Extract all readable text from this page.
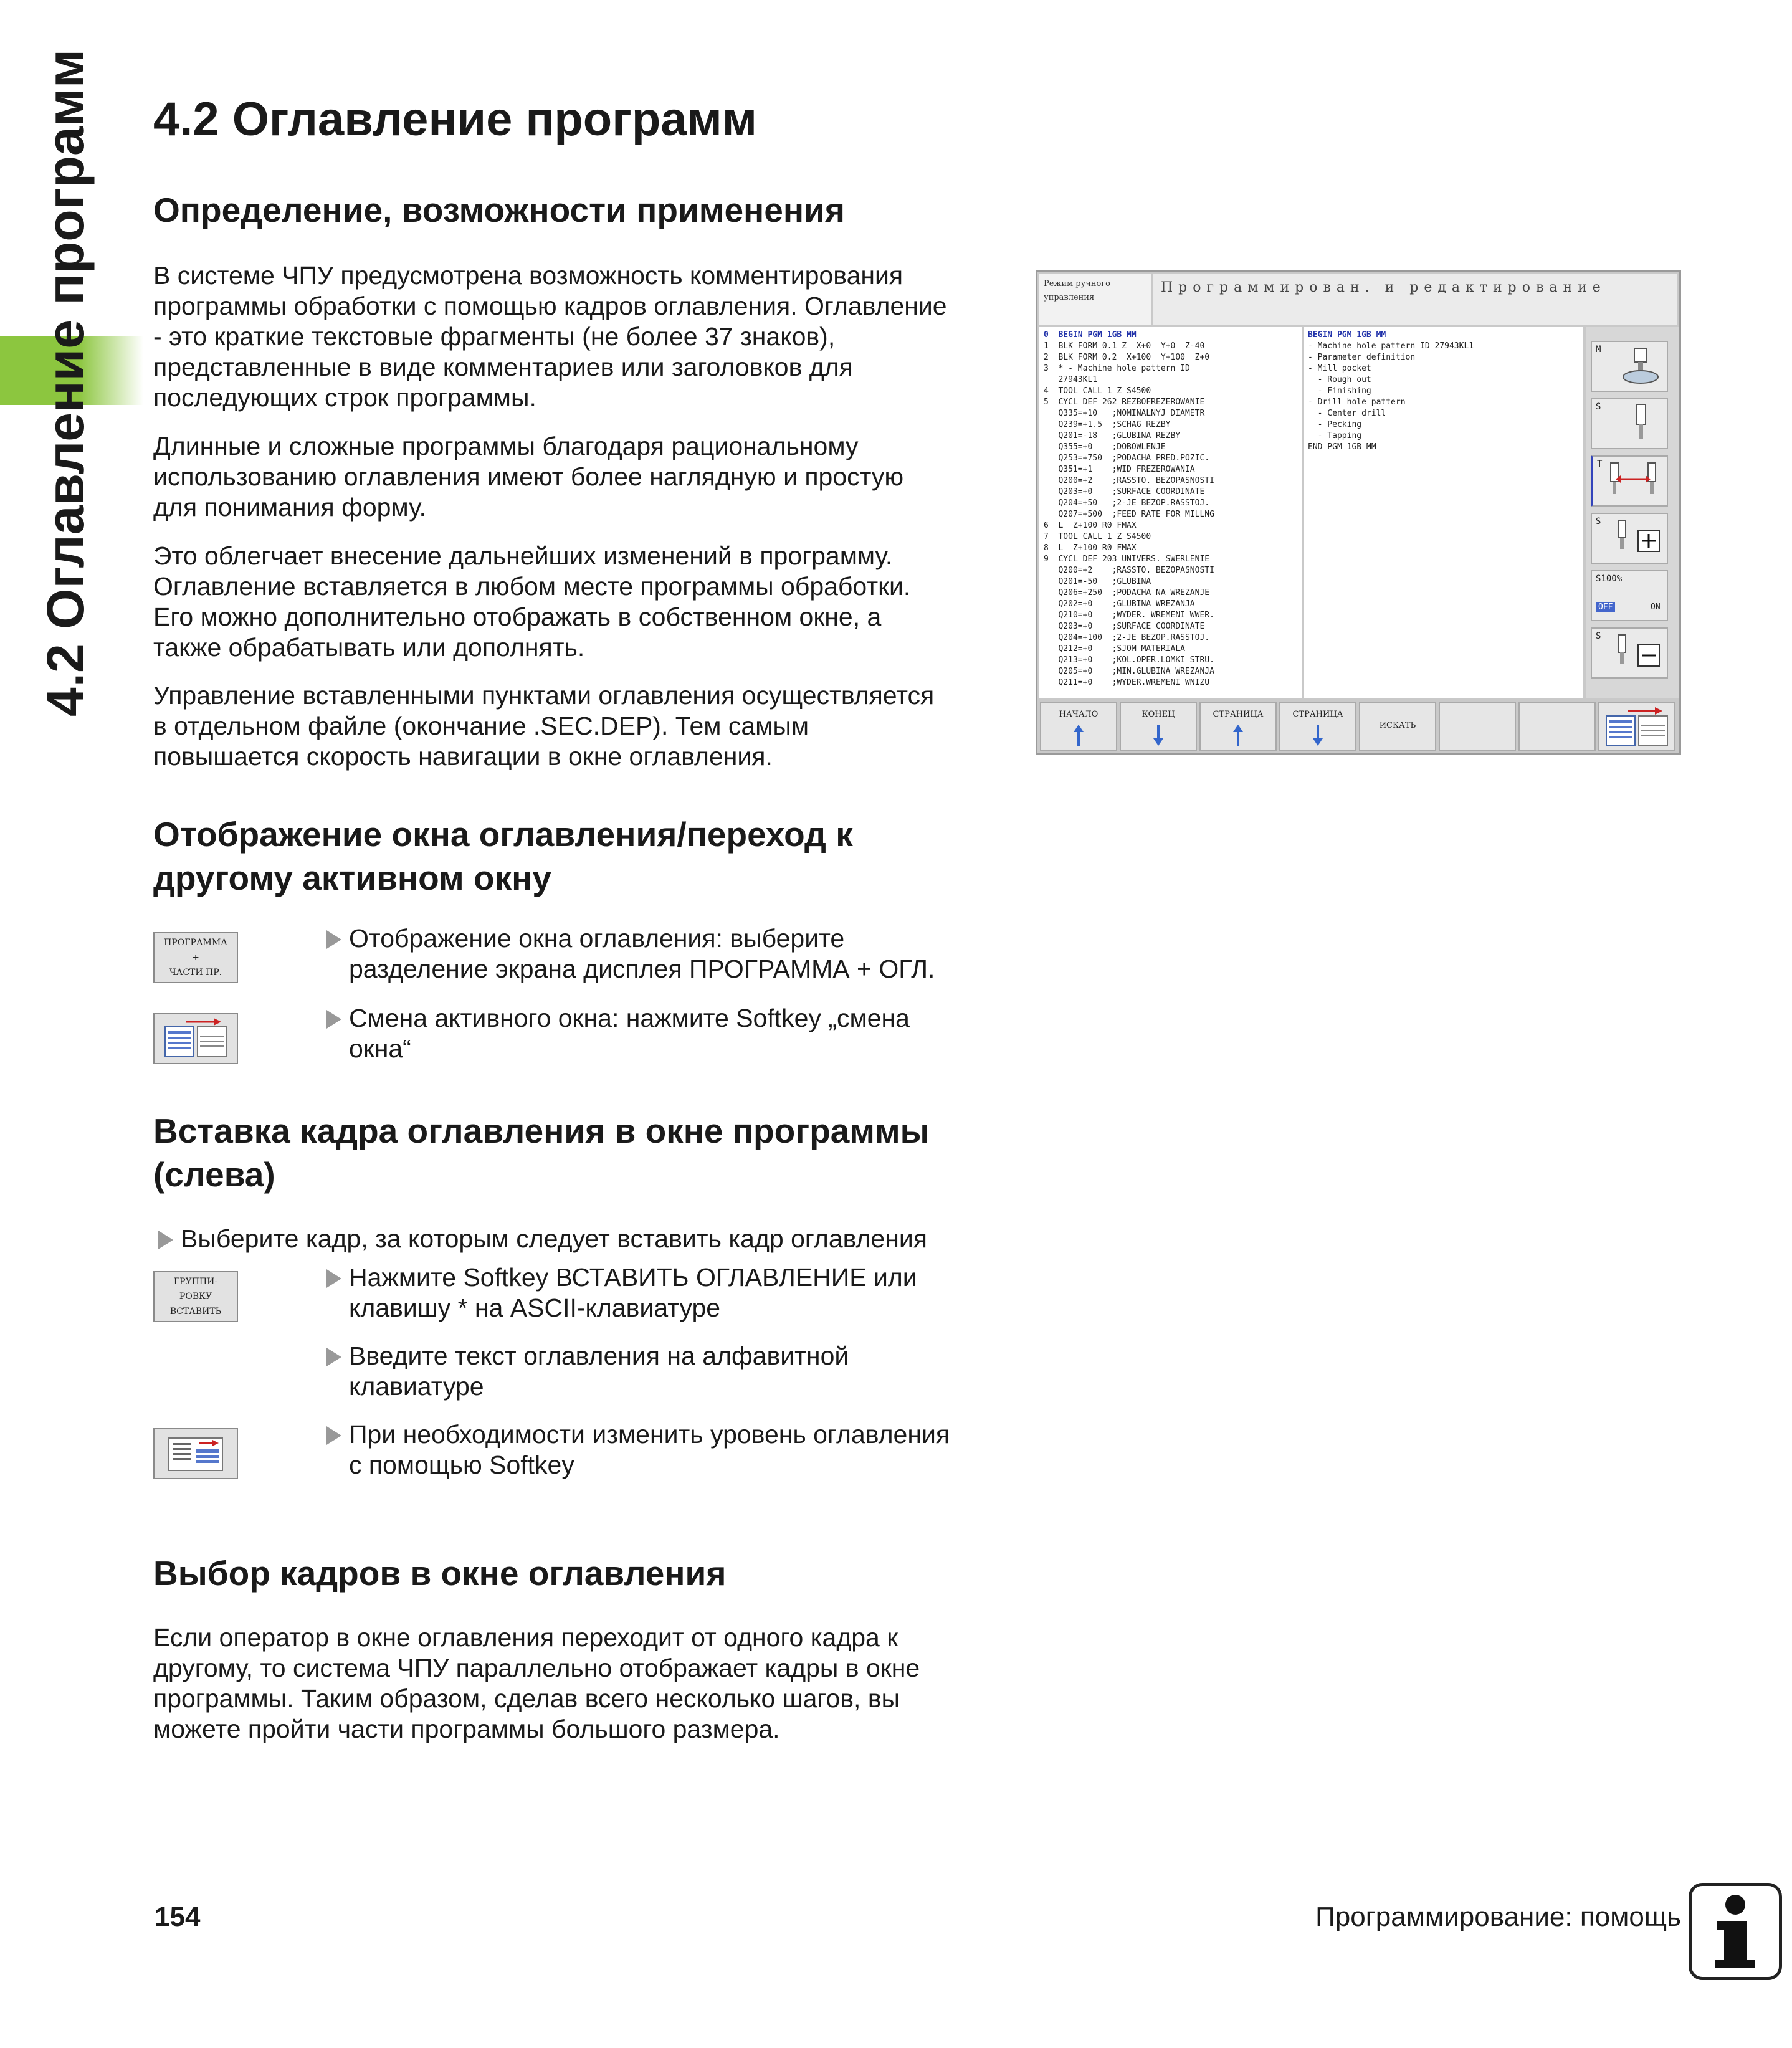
4.2 Оглавление программ	4.2 Оглавление программ
Определение, возможности применения
В системе ЧПУ предусмотрена возможность комментирования
программы обработки с помощью кадров оглавления. Оглавление
- это краткие текстовые фрагменты (не более 37 знаков),
представленные в виде комментариев или заголовков для
последующих строк программы.
Длинные и сложные программы благодаря рациональному
использованию оглавления имеют более наглядную и простую
для понимания форму.
Это облегчает внесение дальнейших изменений в программу.
Оглавление вставляется в любом месте программы обработки.
Его можно дополнительно отображать в собственном окне, а
также обрабатывать или дополнять.
Управление вставленными пунктами оглавления осуществляется
в отдельном файле (окончание .SEC.DEP). Тем самым
повышается скорость навигации в окне оглавления.
Отображение окна оглавления/переход к
другому активном окну
ПРОГРАММА
+
ЧАСТИ ПР.
Отображение окна оглавления: выберите
разделение экрана дисплея ПРОГРАММА + ОГЛ.
Смена активного окна: нажмите Softkey „смена
окна“
Вставка кадра оглавления в окне программы
(слева)
Выберите кадр, за которым следует вставить кадр оглавления
ГРУППИ-
РОВКУ
ВСТАВИТЬ
Нажмите Softkey ВСТАВИТЬ ОГЛАВЛЕНИЕ или
клавишу * на ASCII-клавиатуре
Введите текст оглавления на алфавитной
клавиатуре
При необходимости изменить уровень оглавления
с помощью Softkey
Выбор кадров в окне оглавления
Если оператор в окне оглавления переходит от одного кадра к
другому, то система ЧПУ параллельно отображает кадры в окне
программы. Таким образом, сделав всего несколько шагов, вы
можете пройти части программы большого размера.
Режим ручного
управления
Программирован. и редактирование
0  BEGIN PGM 1GB MM
1  BLK FORM 0.1 Z  X+0  Y+0  Z-40
2  BLK FORM 0.2  X+100  Y+100  Z+0
3  * - Machine hole pattern ID
27943KL1
4  TOOL CALL 1 Z S4500
5  CYCL DEF 262 REZBOFREZEROWANIE
Q335=+10   ;NOMINALNYJ DIAMETR
Q239=+1.5  ;SCHAG REZBY
Q201=-18   ;GLUBINA REZBY
Q355=+0    ;DOBOWLENJE
Q253=+750  ;PODACHA PRED.POZIC.
Q351=+1    ;WID FREZEROWANIA
Q200=+2    ;RASSTO. BEZOPASNOSTI
Q203=+0    ;SURFACE COORDINATE
Q204=+50   ;2-JE BEZOP.RASSTOJ.
Q207=+500  ;FEED RATE FOR MILLNG
6  L  Z+100 R0 FMAX
7  TOOL CALL 1 Z S4500
8  L  Z+100 R0 FMAX
9  CYCL DEF 203 UNIVERS. SWERLENIE
Q200=+2    ;RASSTO. BEZOPASNOSTI
Q201=-50   ;GLUBINA
Q206=+250  ;PODACHA NA WREZANJE
Q202=+0    ;GLUBINA WREZANJA
Q210=+0    ;WYDER. WREMENI WWER.
Q203=+0    ;SURFACE COORDINATE
Q204=+100  ;2-JE BEZOP.RASSTOJ.
Q212=+0    ;SJOM MATERIALA
Q213=+0    ;KOL.OPER.LOMKI STRU.
Q205=+0    ;MIN.GLUBINA WREZANJA
Q211=+0    ;WYDER.WREMENI WNIZU
BEGIN PGM 1GB MM
- Machine hole pattern ID 27943KL1
- Parameter definition
- Mill pocket
- Rough out
- Finishing
- Drill hole pattern
- Center drill
- Pecking
- Tapping
END PGM 1GB MM
M
S
T
S
S100%
OFF	ON
S
НАЧАЛО	КОНЕЦ	СТРАНИЦА	СТРАНИЦА
ИСКАТЬ
154	Программирование: помощь
